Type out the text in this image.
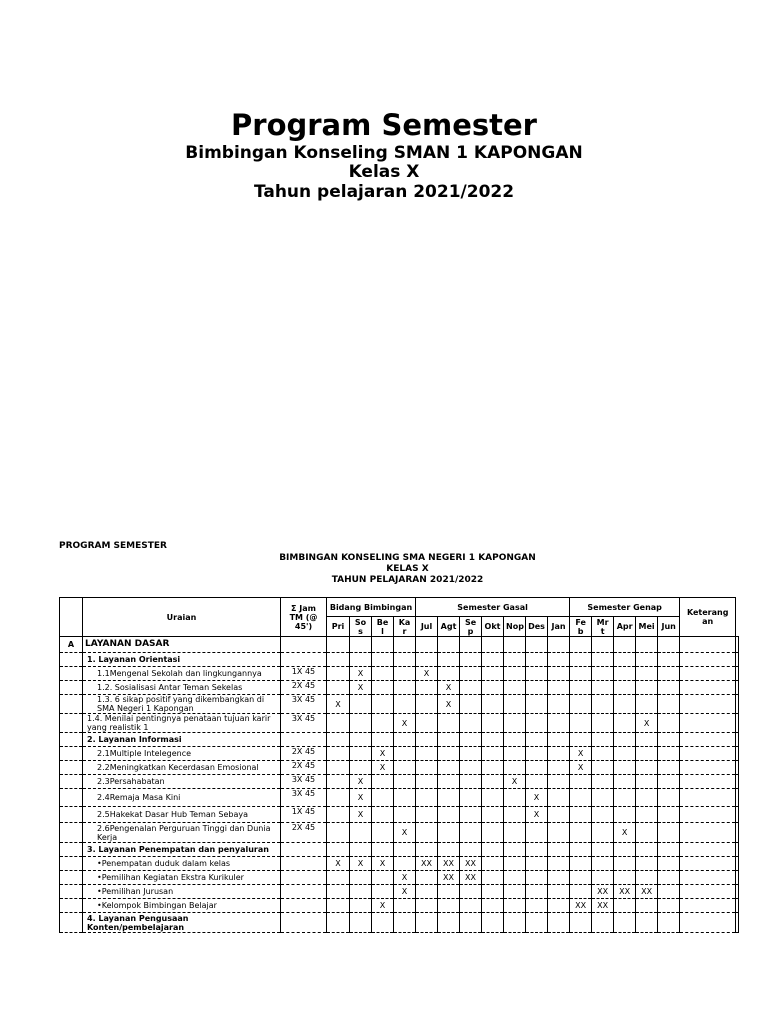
Program Semester
Bimbingan Konseling SMAN 1 KAPONGAN
Kelas X
Tahun pelajaran 2021/2022
PROGRAM SEMESTER
BIMBINGAN KONSELING SMA NEGERI 1 KAPONGAN
KELAS X
TAHUN PELAJARAN 2021/2022
	Uraian	Σ Jam TM (@ 45')	Bidang Bimbingan				Semester Gasal							Semester Genap					Keterang an	
			Pri	So s	Be l	Ka r	Jul	Agt	Se p	Okt	Nop	Des	Jan	Fe b	Mr t	Apr	Mei	Jun		
A	LAYANAN DASAR																			
	1. Layanan Orientasi																			
	1.1Mengenal Sekolah dan lingkungannya	1X 45		X			X													
	1.2. Sosialisasi Antar Teman Sekelas	2X 45		X				X												
	1.3. 6 sikap positif yang dikembangkan di SMA Negeri 1 Kapongan	3X 45	X					X												
	1.4. Menilai pentingnya penataan tujuan karir yang realistik 1	3X 45				X											X			
	2. Layanan Informasi																			
	2.1Multiple Intelegence	2X 45			X									X						
	2.2Meningkatkan Kecerdasan Emosional	2X 45			X									X						
	2.3Persahabatan	3X 45		X							X									
	2.4Remaja Masa Kini	3X 45		X								X								
	2.5Hakekat Dasar Hub Teman Sebaya	1X 45		X								X								
	2.6Pengenalan Perguruan Tinggi dan Dunia Kerja	2X 45				X										X				
	3. Layanan Penempatan dan penyaluran																			
	•Penempatan duduk dalam kelas		X	X	X		XX	XX	XX											
	•Pemilihan Kegiatan Ekstra Kurikuler					X		XX	XX											
	•Pemilihan Jurusan					X									XX	XX	XX			
	•Kelompok Bimbingan Belajar				X									XX	XX					
	4. Layanan Pengusaan Konten/pembelajaran																			
